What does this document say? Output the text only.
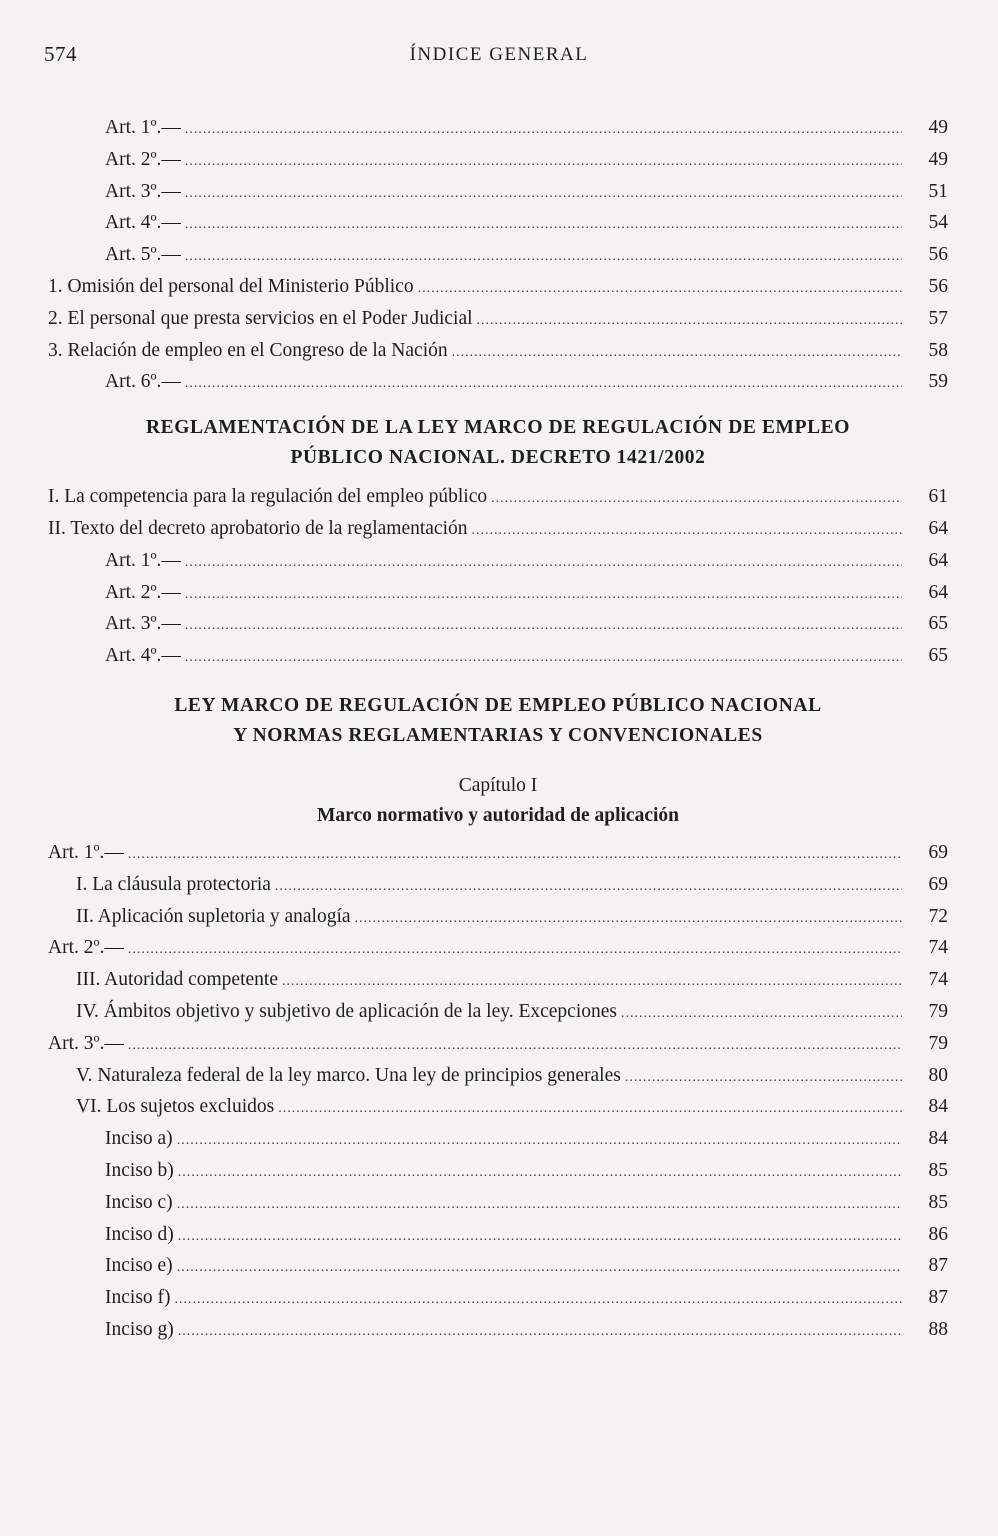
574	ÍNDICE GENERAL
Art. 1º.— .....	49
Art. 2º.— .....	49
Art. 3º.— .....	51
Art. 4º.— .....	54
Art. 5º.— .....	56
1. Omisión del personal del Ministerio Público .....	56
2. El personal que presta servicios en el Poder Judicial .....	57
3. Relación de empleo en el Congreso de la Nación .....	58
Art. 6º.— .....	59
REGLAMENTACIÓN DE LA LEY MARCO DE REGULACIÓN DE EMPLEO
PÚBLICO NACIONAL. DECRETO 1421/2002
I. La competencia para la regulación del empleo público .....	61
II. Texto del decreto aprobatorio de la reglamentación .....	64
Art. 1º.— .....	64
Art. 2º.— .....	64
Art. 3º.— .....	65
Art. 4º.— .....	65
LEY MARCO DE REGULACIÓN DE EMPLEO PÚBLICO NACIONAL
Y NORMAS REGLAMENTARIAS Y CONVENCIONALES
Capítulo I
Marco normativo y autoridad de aplicación
Art. 1º.— .....	69
I. La cláusula protectoria .....	69
II. Aplicación supletoria y analogía .....	72
Art. 2º.— .....	74
III. Autoridad competente .....	74
IV. Ámbitos objetivo y subjetivo de aplicación de la ley. Excepciones .....	79
Art. 3º.— .....	79
V. Naturaleza federal de la ley marco. Una ley de principios generales .....	80
VI. Los sujetos excluidos .....	84
Inciso a) .....	84
Inciso b) .....	85
Inciso c) .....	85
Inciso d) .....	86
Inciso e) .....	87
Inciso f) .....	87
Inciso g) .....	88
